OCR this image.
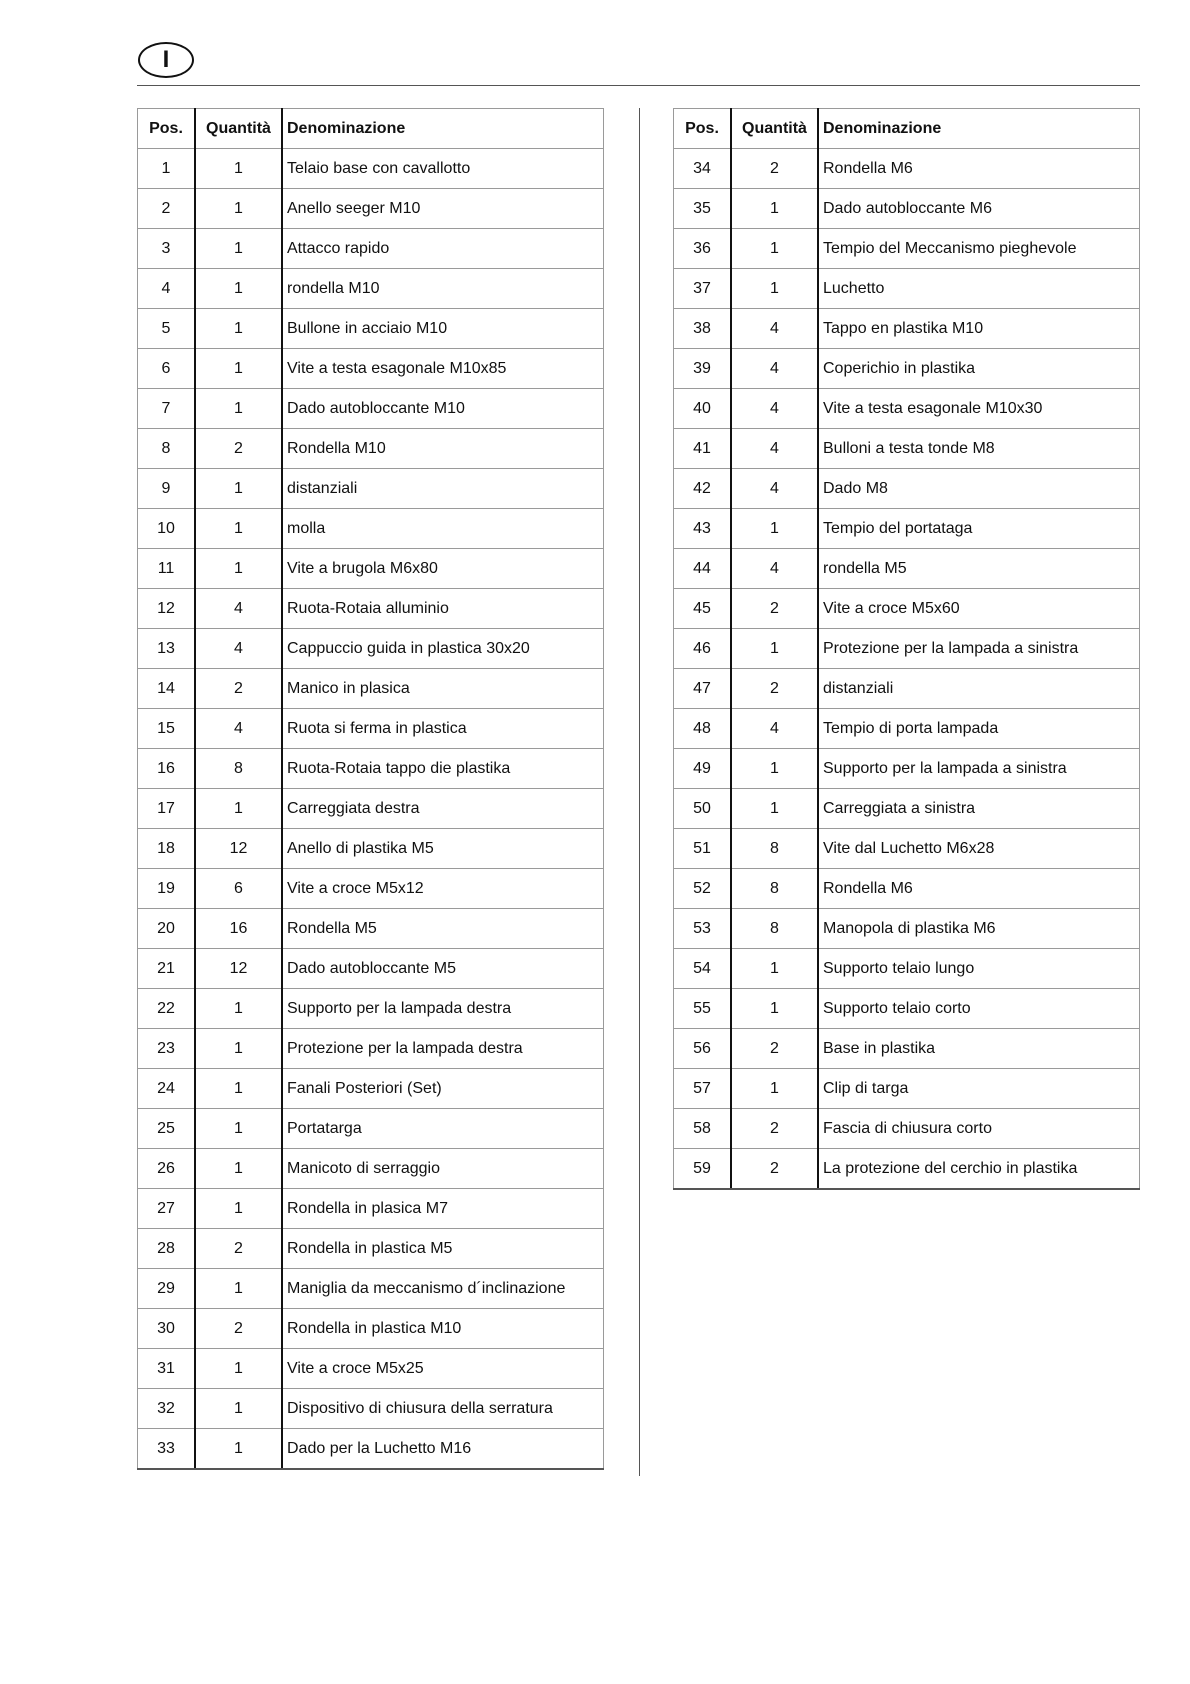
I
Pos.	Quantità	Denominazione
1	1	Telaio base con cavallotto
2	1	Anello seeger M10
3	1	Attacco rapido
4	1	rondella M10
5	1	Bullone in acciaio M10
6	1	Vite a testa esagonale M10x85
7	1	Dado autobloccante M10
8	2	Rondella M10
9	1	distanziali
10	1	molla
11	1	Vite a brugola M6x80
12	4	Ruota-Rotaia alluminio
13	4	Cappuccio guida in plastica 30x20
14	2	Manico in plasica
15	4	Ruota si ferma in plastica
16	8	Ruota-Rotaia tappo die plastika
17	1	Carreggiata destra
18	12	Anello di plastika M5
19	6	Vite a croce M5x12
20	16	Rondella M5
21	12	Dado autobloccante M5
22	1	Supporto per la lampada destra
23	1	Protezione per la lampada destra
24	1	Fanali Posteriori (Set)
25	1	Portatarga
26	1	Manicoto di serraggio
27	1	Rondella in plasica M7
28	2	Rondella in plastica M5
29	1	Maniglia da meccanismo d´inclinazione
30	2	Rondella in plastica M10
31	1	Vite a croce M5x25
32	1	Dispositivo di chiusura della serratura
33	1	Dado per la Luchetto M16
Pos.	Quantità	Denominazione
34	2	Rondella M6
35	1	Dado autobloccante M6
36	1	Tempio del Meccanismo pieghevole
37	1	Luchetto
38	4	Tappo en plastika M10
39	4	Coperichio in plastika
40	4	Vite a testa esagonale M10x30
41	4	Bulloni a testa tonde M8
42	4	Dado M8
43	1	Tempio del portataga
44	4	rondella M5
45	2	Vite a croce M5x60
46	1	Protezione per la lampada a sinistra
47	2	distanziali
48	4	Tempio di porta lampada
49	1	Supporto per la lampada a sinistra
50	1	Carreggiata a sinistra
51	8	Vite dal Luchetto M6x28
52	8	Rondella M6
53	8	Manopola di plastika M6
54	1	Supporto telaio lungo
55	1	Supporto telaio corto
56	2	Base in plastika
57	1	Clip di targa
58	2	Fascia di chiusura corto
59	2	La protezione del cerchio in plastika
